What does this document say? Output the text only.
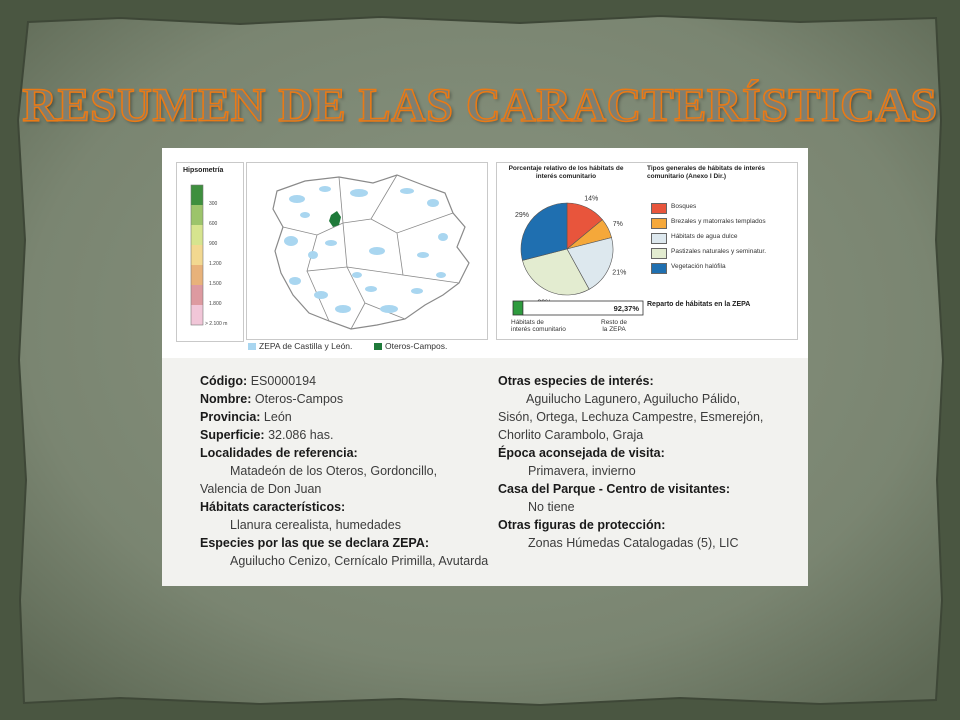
RESUMEN DE LAS CARACTERÍSTICAS
Hipsometría
300
600
900
1.200
1.500
1.800
> 2.100 m
ZEPA de Castilla y León.	Oteros-Campos.
Porcentaje relativo de los hábitats de interés comunitario
Tipos generales de hábitats de interés comunitario (Anexo I Dir.)
14%
7%
21%
29%
Bosques
Brezales y matorrales templados
Hábitats de agua dulce
Pastizales naturales y seminatur.
Vegetación halófila
92,37% Reparto de hábitats en la ZEPA
Hábitats de
interés comunitario
Resto de
la ZEPA
Código: ES0000194
Nombre: Oteros-Campos
Provincia: León
Superficie: 32.086 has.
Localidades de referencia:
Matadeón de los Oteros, Gordoncillo,
Valencia de Don Juan
Hábitats característicos:
Llanura cerealista, humedades
Especies por las que se declara ZEPA:
Aguilucho Cenizo, Cernícalo Primilla, Avutarda
Otras especies de interés:
Aguilucho Lagunero, Aguilucho Pálido,
Sisón, Ortega, Lechuza Campestre, Esmerejón,
Chorlito Carambolo, Graja
Época aconsejada de visita:
Primavera, invierno
Casa del Parque - Centro de visitantes:
No tiene
Otras figuras de protección:
Zonas Húmedas Catalogadas (5), LIC
